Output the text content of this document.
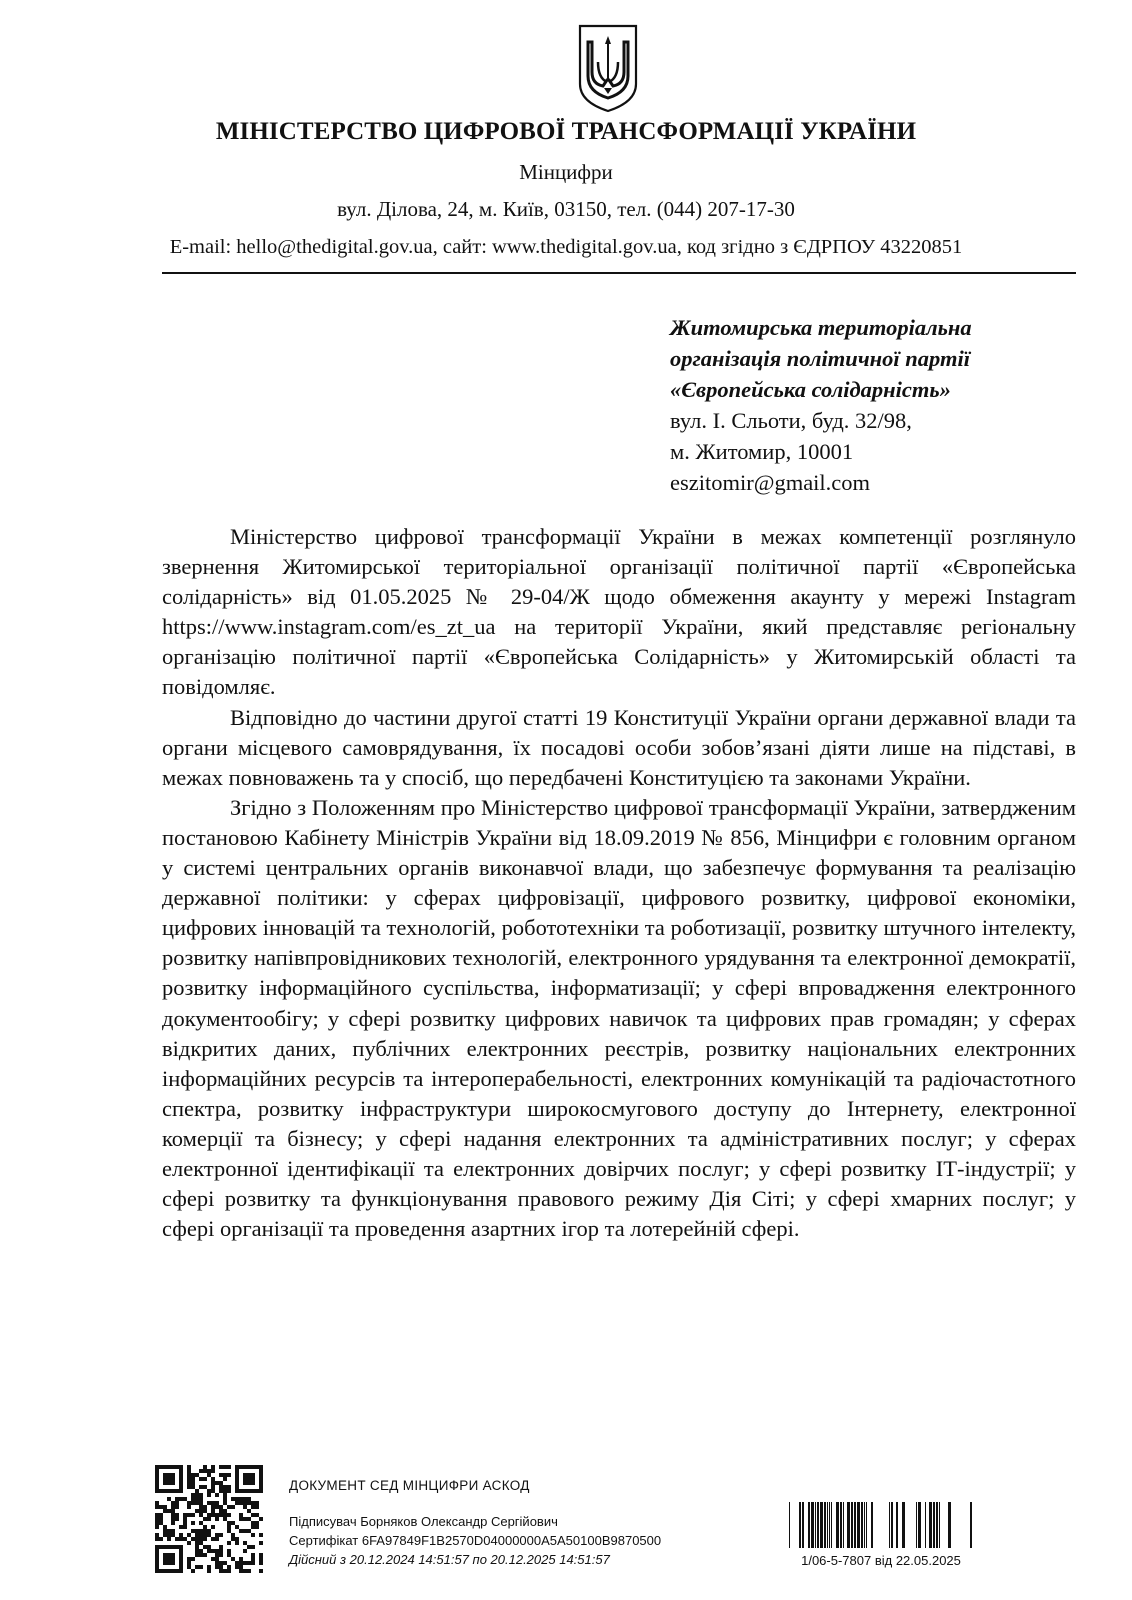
МІНІСТЕРСТВО ЦИФРОВОЇ ТРАНСФОРМАЦІЇ УКРАЇНИ
Мінцифри
вул. Ділова, 24, м. Київ, 03150, тел. (044) 207-17-30
E-mail: hello@thedigital.gov.ua, сайт: www.thedigital.gov.ua, код згідно з ЄДРПОУ 43220851
Житомирська територіальна
організація політичної партії
«Європейська солідарність»
вул. І. Сльоти, буд. 32/98,
м. Житомир, 10001
eszitomir@gmail.com

Міністерство цифрової трансформації України в межах компетенції розглянуло звернення Житомирської територіальної організації політичної партії «Європейська солідарність» від 01.05.2025 № 29-04/Ж щодо обмеження акаунту у мережі Instagram https://www.instagram.com/es_zt_ua на території України, який представляє регіональну організацію політичної партії «Європейська Солідарність» у Житомирській області та повідомляє.

Відповідно до частини другої статті 19 Конституції України органи державної влади та органи місцевого самоврядування, їх посадові особи зобов’язані діяти лише на підставі, в межах повноважень та у спосіб, що передбачені Конституцією та законами України.

Згідно з Положенням про Міністерство цифрової трансформації України, затвердженим постановою Кабінету Міністрів України від 18.09.2019 № 856, Мінцифри є головним органом у системі центральних органів виконавчої влади, що забезпечує формування та реалізацію державної політики: у сферах цифровізації, цифрового розвитку, цифрової економіки, цифрових інновацій та технологій, робототехніки та роботизації, розвитку штучного інтелекту, розвитку напівпровідникових технологій, електронного урядування та електронної демократії, розвитку інформаційного суспільства, інформатизації; у сфері впровадження електронного документообігу; у сфері розвитку цифрових навичок та цифрових прав громадян; у сферах відкритих даних, публічних електронних реєстрів, розвитку національних електронних інформаційних ресурсів та інтероперабельності, електронних комунікацій та радіочастотного спектра, розвитку інфраструктури широкосмугового доступу до Інтернету, електронної комерції та бізнесу; у сфері надання електронних та адміністративних послуг; у сферах електронної ідентифікації та електронних довірчих послуг; у сфері розвитку ІТ-індустрії; у сфері розвитку та функціонування правового режиму Дія Сіті; у сфері хмарних послуг; у сфері організації та проведення азартних ігор та лотерейній сфері.

ДОКУМЕНТ СЕД МІНЦИФРИ АСКОД
Підписувач Борняков Олександр Сергійович
Сертифікат 6FA97849F1B2570D04000000A5A50100B9870500
Дійсний з 20.12.2024 14:51:57 по 20.12.2025 14:51:57	1/06-5-7807 від 22.05.2025
